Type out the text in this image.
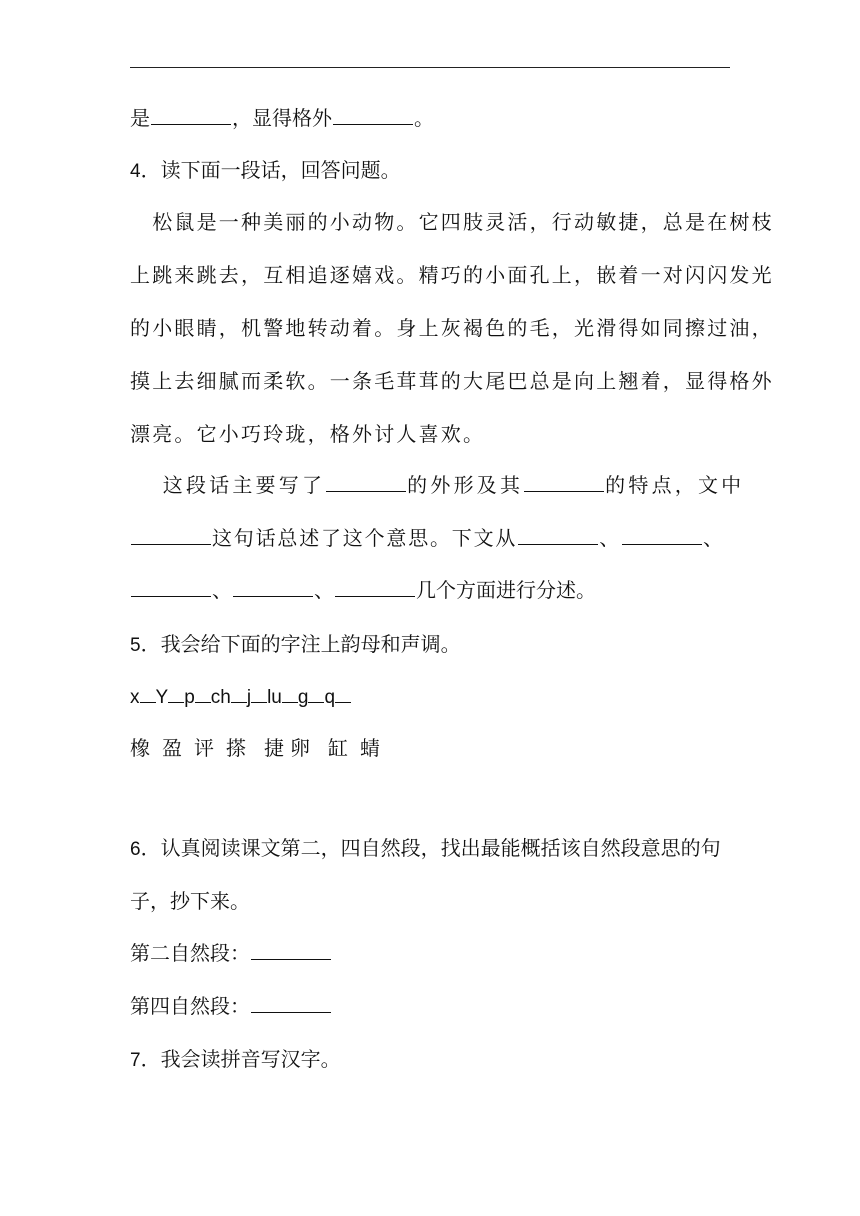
是	，显得格外	。
4．读下面一段话，回答问题。
　松鼠是一种美丽的小动物。它四肢灵活，行动敏捷，总是在树枝
上跳来跳去，互相追逐嬉戏。精巧的小面孔上，嵌着一对闪闪发光
的小眼睛，机警地转动着。身上灰褐色的毛，光滑得如同擦过油，
摸上去细腻而柔软。一条毛茸茸的大尾巴总是向上翘着，显得格外
漂亮。它小巧玲珑，格外讨人喜欢。
　 这段话主要写了	的外形及其	的特点，文中
这句话总述了这个意思。下文从	、	、
、	、	几个方面进行分述。
5．我会给下面的字注上韵母和声调。
x Y p ch j lu g q
橡 盈 评 搽 捷 卵 缸 蜻
6．认真阅读课文第二，四自然段，找出最能概括该自然段意思的句
子，抄下来。
第二自然段：
第四自然段：
7．我会读拼音写汉字。
